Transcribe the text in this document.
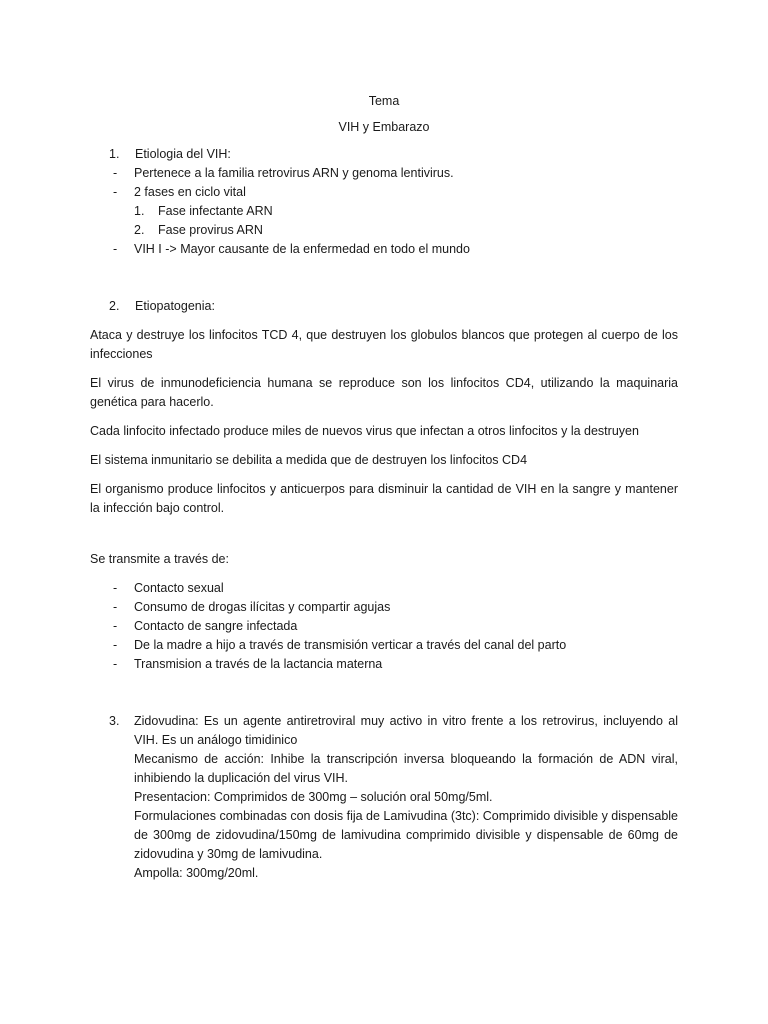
Tema
VIH y Embarazo
1.	Etiologia del VIH:
-	Pertenece a la familia retrovirus ARN y genoma lentivirus.
-	2 fases en ciclo vital
1.	Fase infectante ARN
2.	Fase provirus ARN
-	VIH I -> Mayor causante de la enfermedad en todo el mundo
2.	Etiopatogenia:

Ataca y destruye los linfocitos TCD 4, que destruyen los globulos blancos que protegen al cuerpo de los infecciones

El virus de inmunodeficiencia humana se reproduce son los linfocitos CD4, utilizando la maquinaria genética para hacerlo.

Cada linfocito infectado produce miles de nuevos virus que infectan a otros linfocitos y la destruyen

El sistema inmunitario se debilita a medida que de destruyen los linfocitos CD4

El organismo produce linfocitos y anticuerpos para disminuir la cantidad de VIH en la sangre y mantener la infección bajo control.

Se transmite a través de:

-	Contacto sexual
-	Consumo de drogas ilícitas y compartir agujas
-	Contacto de sangre infectada
-	De la madre a hijo a través de transmisión verticar a través del canal del parto
-	Transmision a través de la lactancia materna
3.	Zidovudina: Es un agente antiretroviral muy activo in vitro frente a los retrovirus, incluyendo al VIH. Es un análogo timidinico

Mecanismo de acción: Inhibe la transcripción inversa bloqueando la formación de ADN viral, inhibiendo la duplicación del virus VIH.

Presentacion: Comprimidos de 300mg – solución oral 50mg/5ml.

Formulaciones combinadas con dosis fija de Lamivudina (3tc): Comprimido divisible y dispensable de 300mg de zidovudina/150mg de lamivudina comprimido divisible y dispensable de 60mg de zidovudina y 30mg de lamivudina.

Ampolla: 300mg/20ml.
